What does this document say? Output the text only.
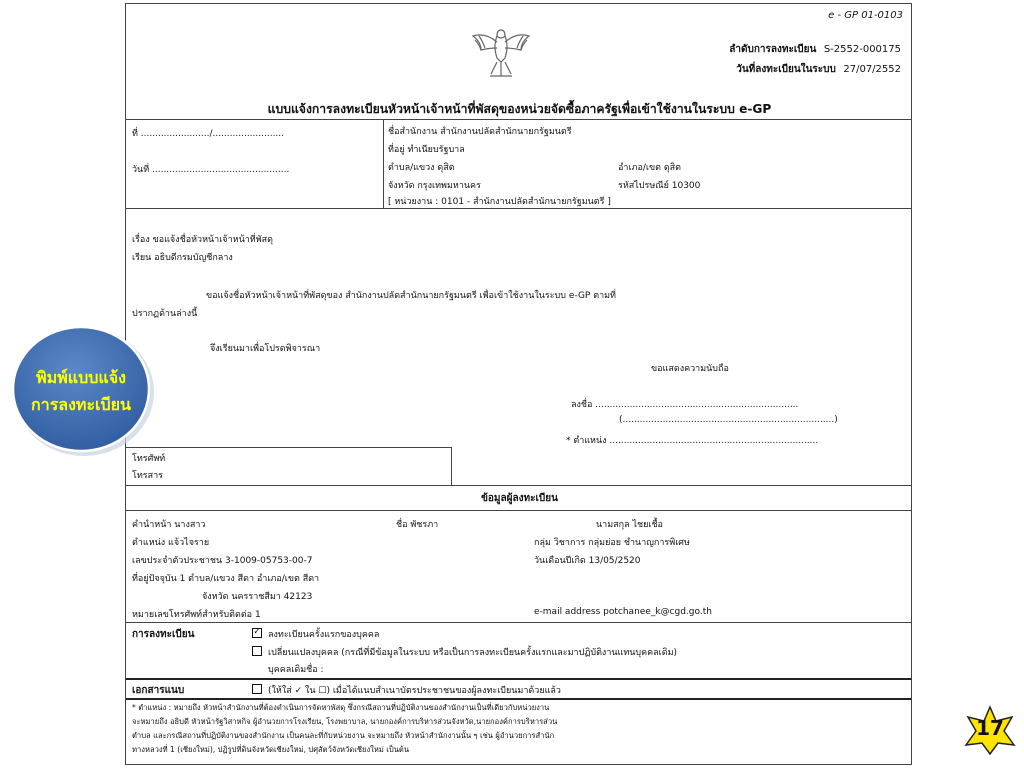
e - GP 01-0103
ลำดับการลงทะเบียน S-2552-000175
วันที่ลงทะเบียนในระบบ 27/07/2552
แบบแจ้งการลงทะเบียนหัวหน้าเจ้าหน้าที่พัสดุของหน่วยจัดซื้อภาครัฐเพื่อเข้าใช้งานในระบบ e-GP
ที่ ......................../.........................
วันที่ ................................................
ชื่อสำนักงาน สำนักงานปลัดสำนักนายกรัฐมนตรี
ที่อยู่ ทำเนียบรัฐบาล
ตำบล/แขวง ดุสิต	อำเภอ/เขต ดุสิต
จังหวัด กรุงเทพมหานคร	รหัสไปรษณีย์ 10300
[ หน่วยงาน : 0101 - สำนักงานปลัดสำนักนายกรัฐมนตรี ]
เรื่อง ขอแจ้งชื่อหัวหน้าเจ้าหน้าที่พัสดุ
เรียน อธิบดีกรมบัญชีกลาง
ขอแจ้งชื่อหัวหน้าเจ้าหน้าที่พัสดุของ สำนักงานปลัดสำนักนายกรัฐมนตรี เพื่อเข้าใช้งานในระบบ e-GP ตามที่
ปรากฏด้านล่างนี้
จึงเรียนมาเพื่อโปรดพิจารณา
ขอแสดงความนับถือ
ลงชื่อ .......................................................................
(..........................................................................)
* ตำแหน่ง .........................................................................
โทรศัพท์
โทรสาร
ข้อมูลผู้ลงทะเบียน
คำนำหน้า นางสาว	ชื่อ พัชรภา	นามสกุล ไชยเชื้อ
ตำแหน่ง แจ้วไจราย	กลุ่ม วิชาการ กลุ่มย่อย ชำนาญการพิเศษ
เลขประจำตัวประชาชน 3-1009-05753-00-7	วันเดือนปีเกิด 13/05/2520
ที่อยู่ปัจจุบัน 1 ตำบล/แขวง สีดา อำเภอ/เขต สีดา
จังหวัด นครราชสีมา 42123
หมายเลขโทรศัพท์สำหรับติดต่อ 1	e-mail address potchanee_k@cgd.go.th
การลงทะเบียน	✓ ลงทะเบียนครั้งแรกของบุคคล
เปลี่ยนแปลงบุคคล (กรณีที่มีข้อมูลในระบบ หรือเป็นการลงทะเบียนครั้งแรกและมาปฏิบัติงานแทนบุคคลเดิม)
บุคคลเดิมชื่อ :
เอกสารแนบ	(ให้ใส่ ✓ ใน ☐) เมื่อได้แนบสำเนาบัตรประชาชนของผู้ลงทะเบียนมาด้วยแล้ว
* ตำแหน่ง : หมายถึง หัวหน้าสำนักงานที่ต้องดำเนินการจัดหาพัสดุ ซึ่งกรณีสถานที่ปฏิบัติงานของสำนักงานเป็นที่เดียวกับหน่วยงาน
จะหมายถึง อธิบดี หัวหน้ารัฐวิสาหกิจ ผู้อำนวยการโรงเรียน, โรงพยาบาล, นายกองค์การบริหารส่วนจังหวัด,นายกองค์การบริหารส่วน
ตำบล และกรณีสถานที่ปฏิบัติงานของสำนักงาน เป็นคนละที่กับหน่วยงาน จะหมายถึง หัวหน้าสำนักงานนั้น ๆ เช่น ผู้อำนวยการสำนัก
ทางหลวงที่ 1 (เชียงใหม่), ปฏิรูปที่ดินจังหวัดเชียงใหม่, ปศุสัตว์จังหวัดเชียงใหม่ เป็นต้น
พิมพ์แบบแจ้ง
การลงทะเบียน
17
